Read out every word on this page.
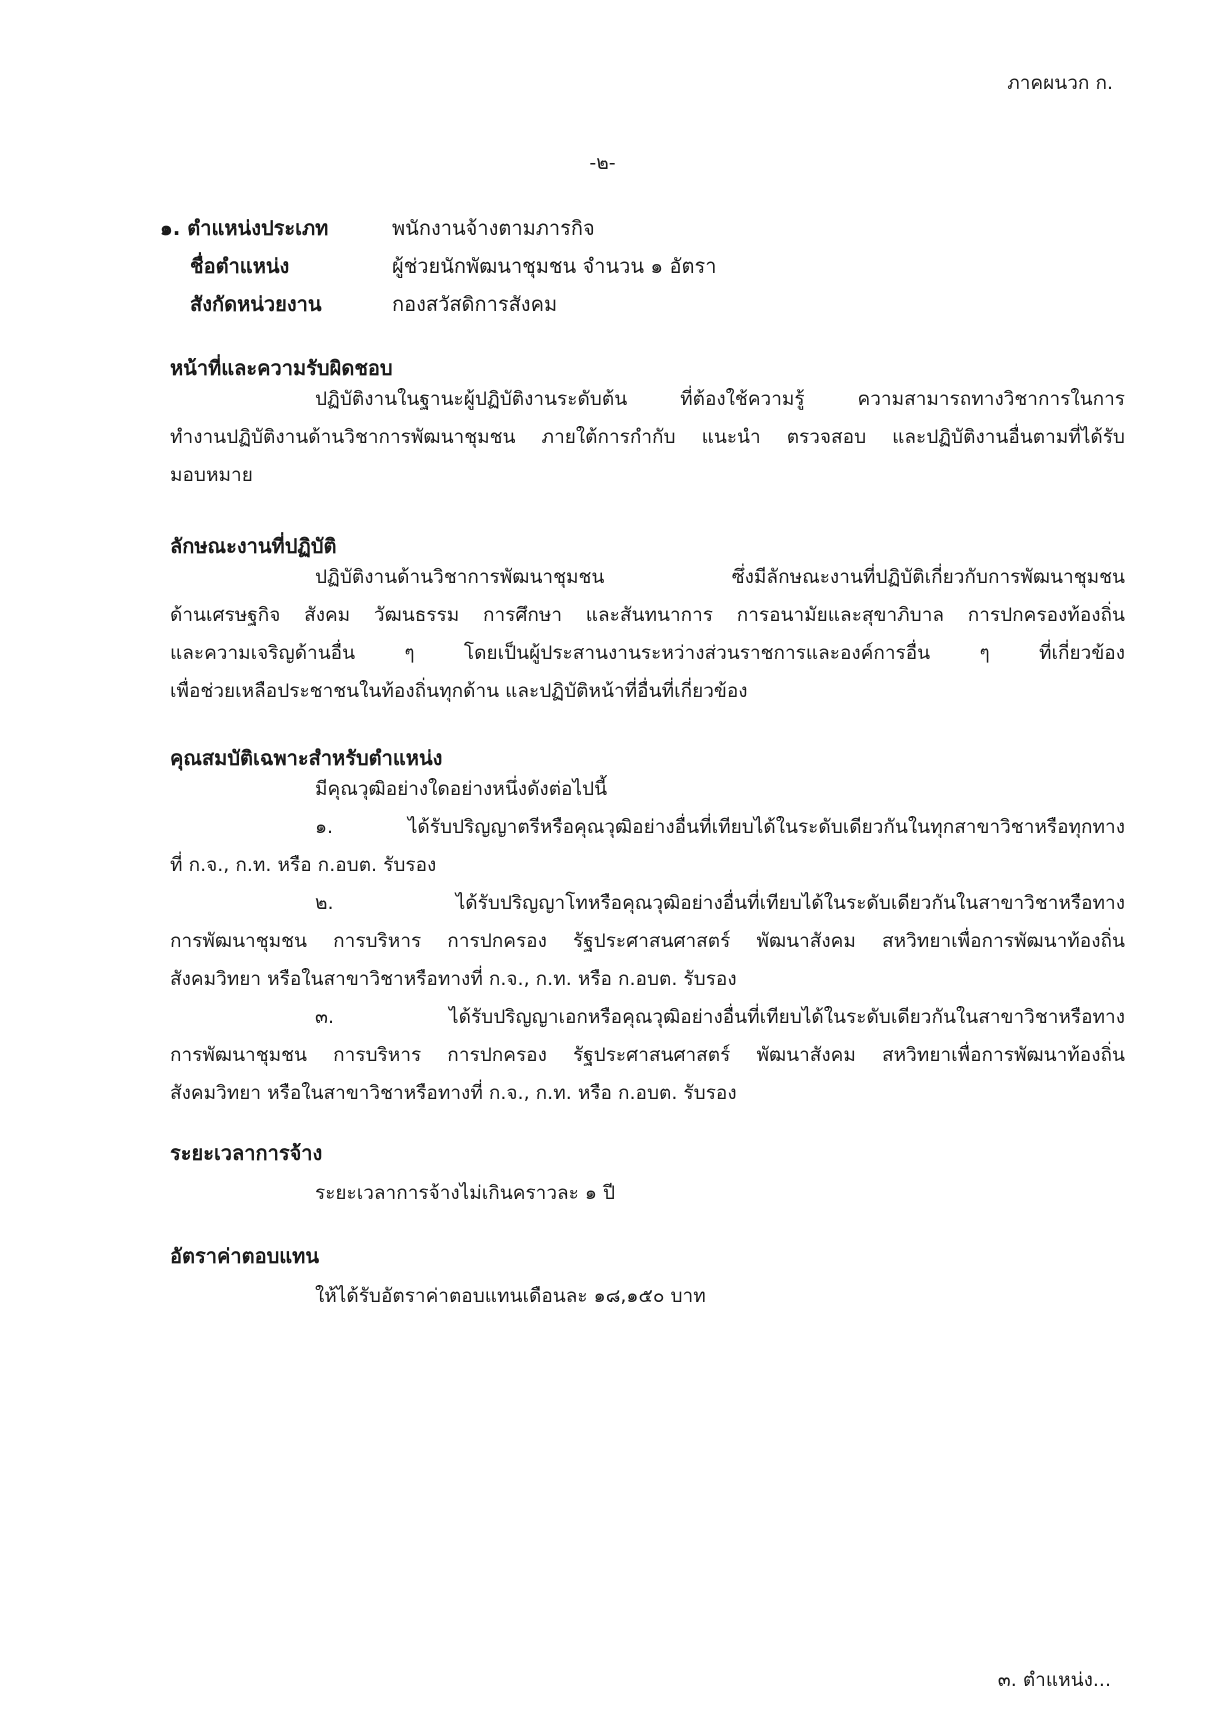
ภาคผนวก ก.
-๒-
๑. ตำแหน่งประเภท	พนักงานจ้างตามภารกิจ
ชื่อตำแหน่ง	ผู้ช่วยนักพัฒนาชุมชน จำนวน ๑ อัตรา
สังกัดหน่วยงาน	กองสวัสดิการสังคม
หน้าที่และความรับผิดชอบ
ปฏิบัติงานในฐานะผู้ปฏิบัติงานระดับต้น ที่ต้องใช้ความรู้ ความสามารถทางวิชาการในการ
ทำงานปฏิบัติงานด้านวิชาการพัฒนาชุมชน ภายใต้การกำกับ แนะนำ ตรวจสอบ และปฏิบัติงานอื่นตามที่ได้รับ
มอบหมาย
ลักษณะงานที่ปฏิบัติ
ปฏิบัติงานด้านวิชาการพัฒนาชุมชน ซึ่งมีลักษณะงานที่ปฏิบัติเกี่ยวกับการพัฒนาชุมชน
ด้านเศรษฐกิจ สังคม วัฒนธรรม การศึกษา และสันทนาการ การอนามัยและสุขาภิบาล การปกครองท้องถิ่น
และความเจริญด้านอื่น ๆ โดยเป็นผู้ประสานงานระหว่างส่วนราชการและองค์การอื่น ๆ ที่เกี่ยวข้อง
เพื่อช่วยเหลือประชาชนในท้องถิ่นทุกด้าน และปฏิบัติหน้าที่อื่นที่เกี่ยวข้อง
คุณสมบัติเฉพาะสำหรับตำแหน่ง
มีคุณวุฒิอย่างใดอย่างหนึ่งดังต่อไปนี้
๑. ได้รับปริญญาตรีหรือคุณวุฒิอย่างอื่นที่เทียบได้ในระดับเดียวกันในทุกสาขาวิชาหรือทุกทาง
ที่ ก.จ., ก.ท. หรือ ก.อบต. รับรอง
๒. ได้รับปริญญาโทหรือคุณวุฒิอย่างอื่นที่เทียบได้ในระดับเดียวกันในสาขาวิชาหรือทาง
การพัฒนาชุมชน การบริหาร การปกครอง รัฐประศาสนศาสตร์ พัฒนาสังคม สหวิทยาเพื่อการพัฒนาท้องถิ่น
สังคมวิทยา หรือในสาขาวิชาหรือทางที่ ก.จ., ก.ท. หรือ ก.อบต. รับรอง
๓. ได้รับปริญญาเอกหรือคุณวุฒิอย่างอื่นที่เทียบได้ในระดับเดียวกันในสาขาวิชาหรือทาง
การพัฒนาชุมชน การบริหาร การปกครอง รัฐประศาสนศาสตร์ พัฒนาสังคม สหวิทยาเพื่อการพัฒนาท้องถิ่น
สังคมวิทยา หรือในสาขาวิชาหรือทางที่ ก.จ., ก.ท. หรือ ก.อบต. รับรอง
ระยะเวลาการจ้าง
ระยะเวลาการจ้างไม่เกินคราวละ ๑ ปี
อัตราค่าตอบแทน
ให้ได้รับอัตราค่าตอบแทนเดือนละ ๑๘,๑๕๐ บาท
๓. ตำแหน่ง...
